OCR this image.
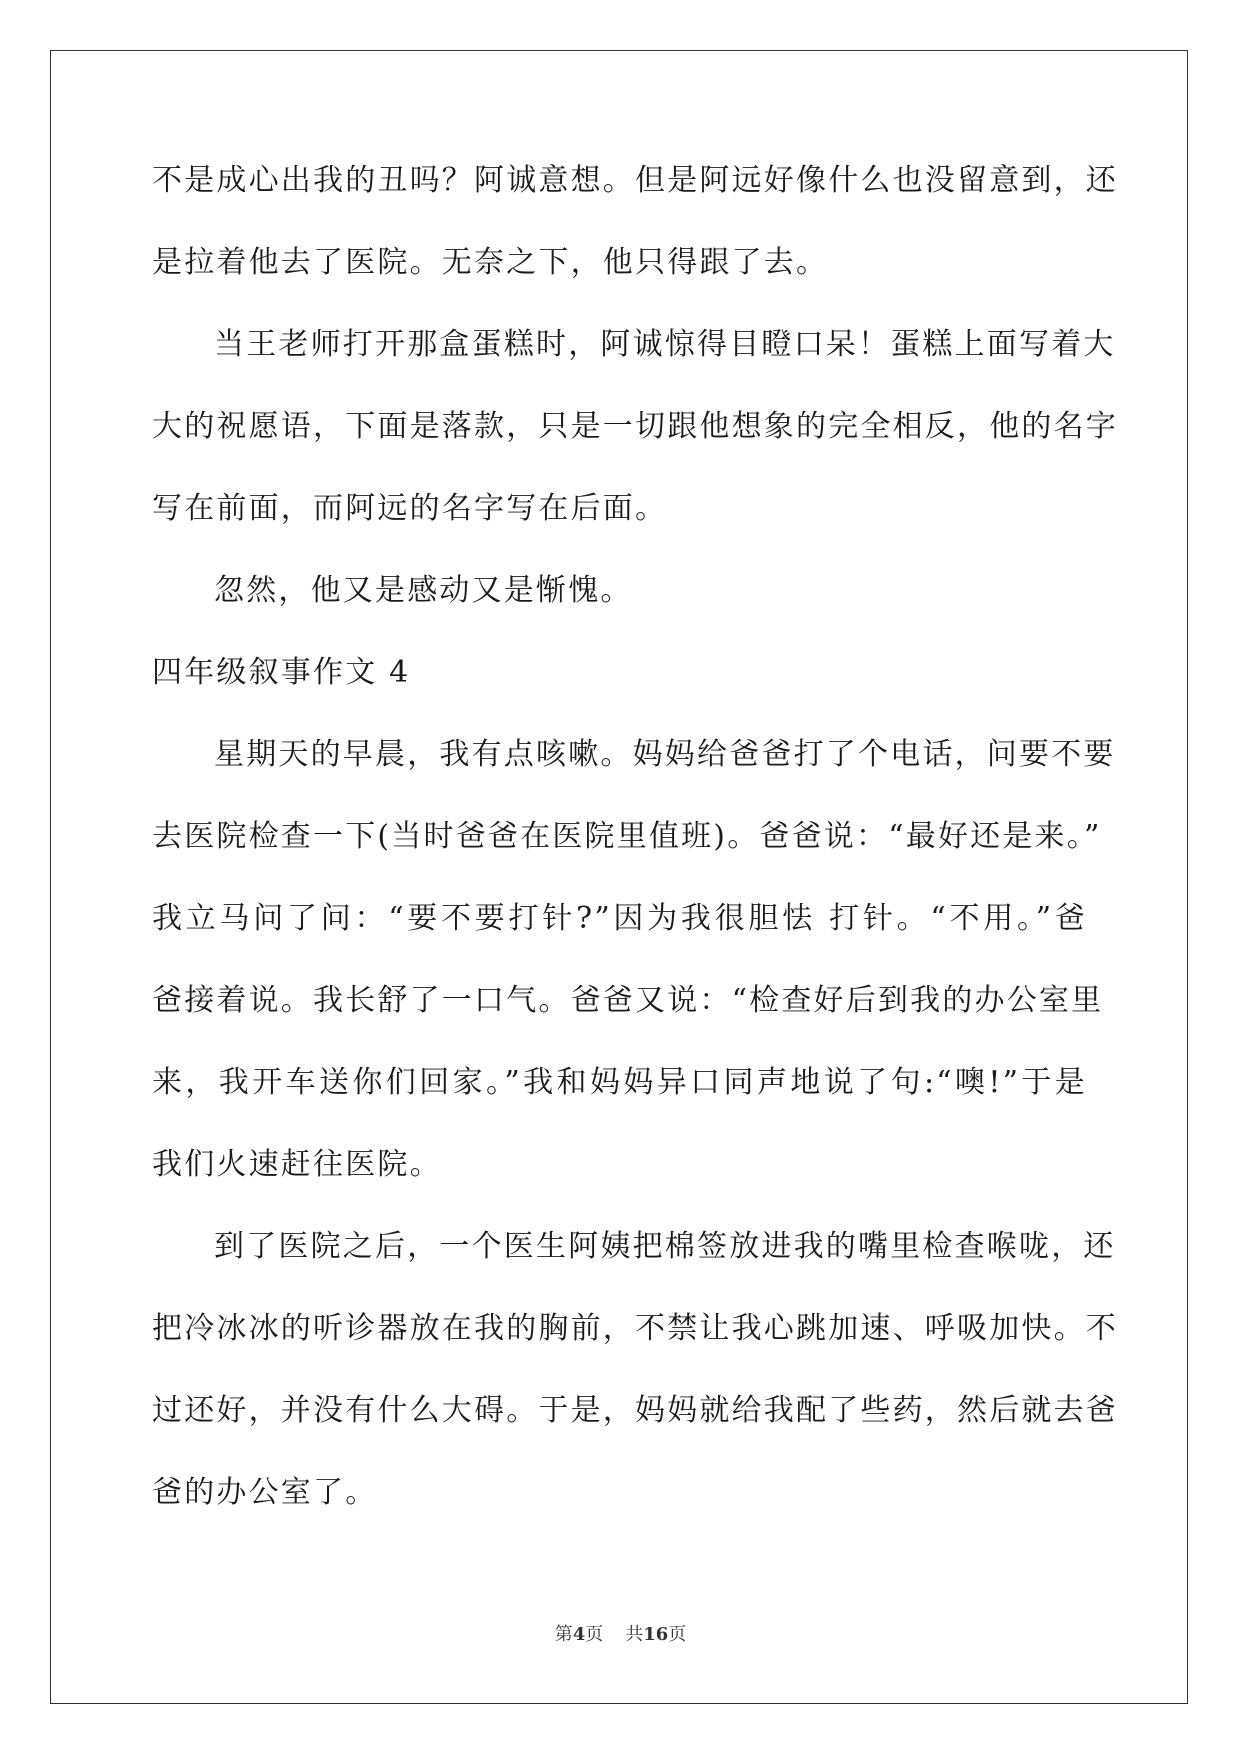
不是成心出我的丑吗？阿诚意想。但是阿远好像什么也没留意到，还
是拉着他去了医院。无奈之下，他只得跟了去。
当王老师打开那盒蛋糕时，阿诚惊得目瞪口呆！蛋糕上面写着大
大的祝愿语，下面是落款，只是一切跟他想象的完全相反，他的名字
写在前面，而阿远的名字写在后面。
忽然，他又是感动又是惭愧。
四年级叙事作文 4
星期天的早晨，我有点咳嗽。妈妈给爸爸打了个电话，问要不要
去医院检查一下(当时爸爸在医院里值班)。爸爸说：“最好还是来。”
我立马问了问：“要不要打针?”因为我很胆怯 打针。“不用。”爸
爸接着说。我长舒了一口气。爸爸又说：“检查好后到我的办公室里
来，我开车送你们回家。”我和妈妈异口同声地说了句:“噢!”于是
我们火速赶往医院。
到了医院之后，一个医生阿姨把棉签放进我的嘴里检查喉咙，还
把冷冰冰的听诊器放在我的胸前，不禁让我心跳加速、呼吸加快。不
过还好，并没有什么大碍。于是，妈妈就给我配了些药，然后就去爸
爸的办公室了。
第4页 共16页
